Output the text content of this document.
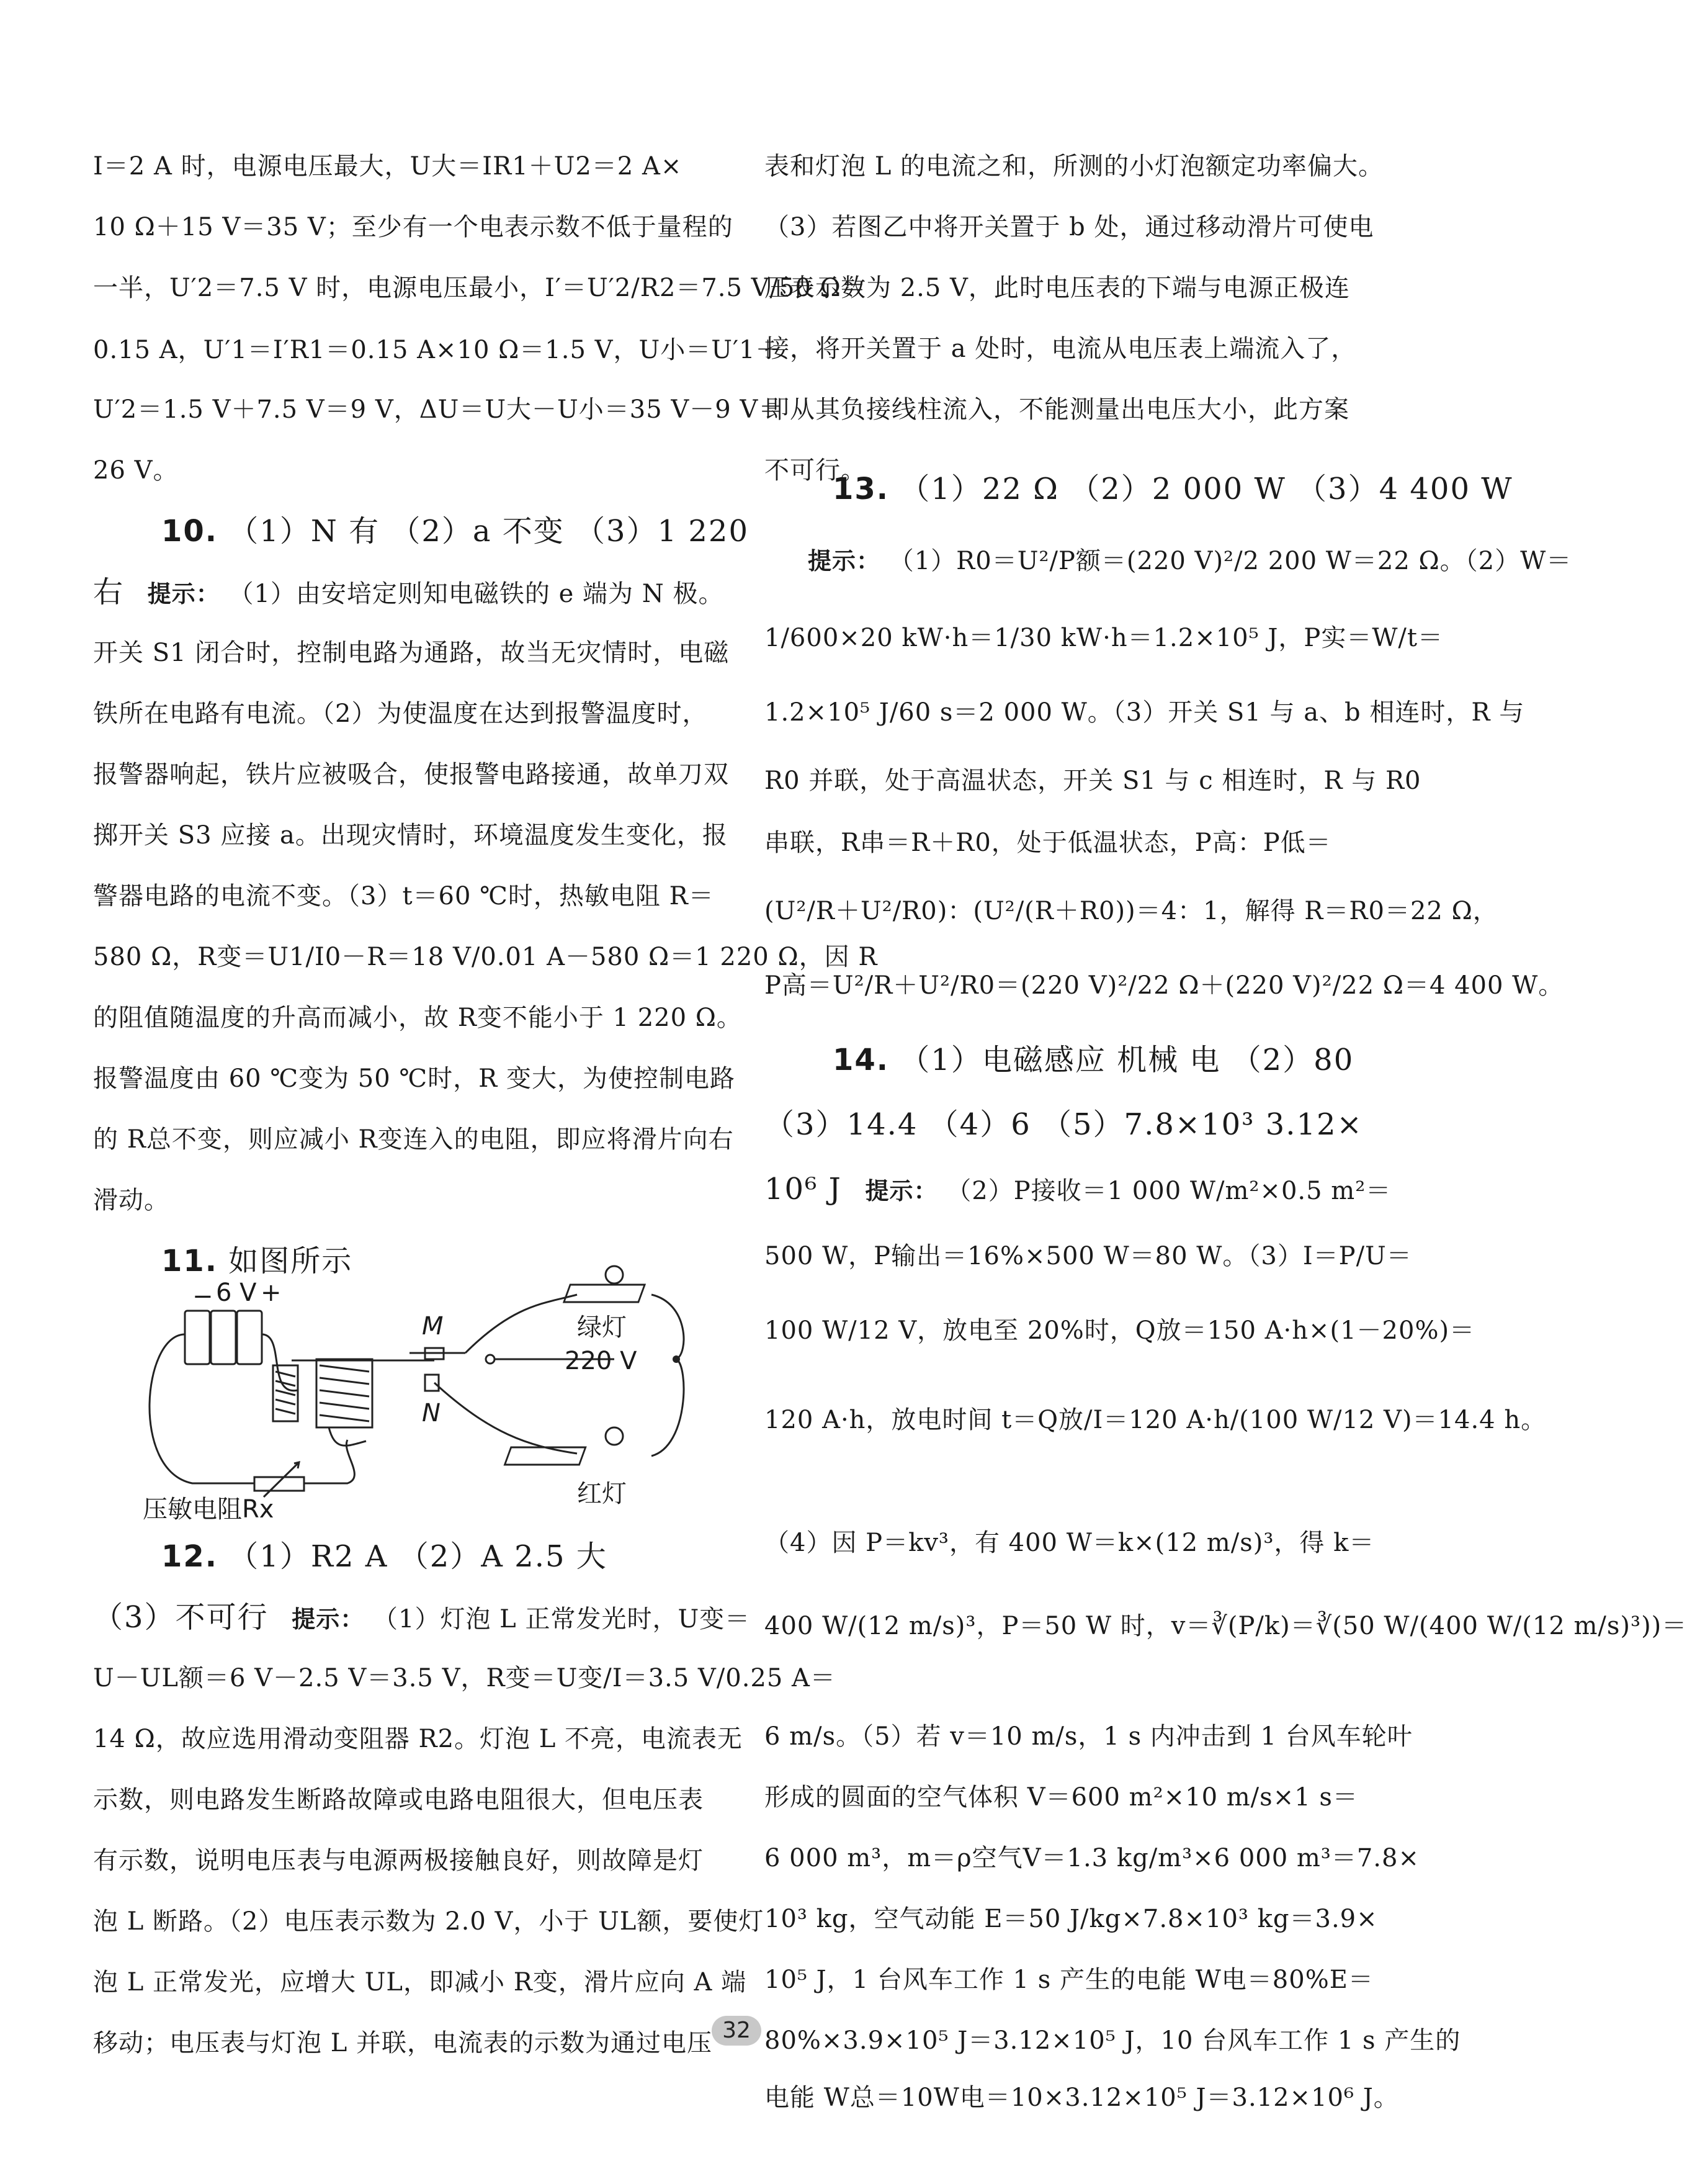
I＝2 A 时，电源电压最大，U大＝IR1＋U2＝2 A×
10 Ω＋15 V＝35 V；至少有一个电表示数不低于量程的
一半，U′2＝7.5 V 时，电源电压最小，I′＝U′2/R2＝7.5 V/50 Ω＝
0.15 A，U′1＝I′R1＝0.15 A×10 Ω＝1.5 V，U小＝U′1＋
U′2＝1.5 V＋7.5 V＝9 V，ΔU＝U大－U小＝35 V－9 V＝
26 V。
10. （1）N 有 （2）a 不变 （3）1 220
右 提示： （1）由安培定则知电磁铁的 e 端为 N 极。
开关 S1 闭合时，控制电路为通路，故当无灾情时，电磁
铁所在电路有电流。（2）为使温度在达到报警温度时，
报警器响起，铁片应被吸合，使报警电路接通，故单刀双
掷开关 S3 应接 a。出现灾情时，环境温度发生变化，报
警器电路的电流不变。（3）t＝60 ℃时，热敏电阻 R＝
580 Ω，R变＝U1/I0－R＝18 V/0.01 A－580 Ω＝1 220 Ω，因 R
的阻值随温度的升高而减小，故 R变不能小于 1 220 Ω。
报警温度由 60 ℃变为 50 ℃时，R 变大，为使控制电路
的 R总不变，则应减小 R变连入的电阻，即应将滑片向右
滑动。
11. 如图所示
− 6 V +
M
N
绿灯
220 V
红灯
压敏电阻Rx
12. （1）R2 A （2）A 2.5 大
（3）不可行 提示： （1）灯泡 L 正常发光时，U变＝
U－UL额＝6 V－2.5 V＝3.5 V，R变＝U变/I＝3.5 V/0.25 A＝
14 Ω，故应选用滑动变阻器 R2。灯泡 L 不亮，电流表无
示数，则电路发生断路故障或电路电阻很大，但电压表
有示数，说明电压表与电源两极接触良好，则故障是灯
泡 L 断路。（2）电压表示数为 2.0 V，小于 UL额，要使灯
泡 L 正常发光，应增大 UL，即减小 R变，滑片应向 A 端
移动；电压表与灯泡 L 并联，电流表的示数为通过电压
表和灯泡 L 的电流之和，所测的小灯泡额定功率偏大。
（3）若图乙中将开关置于 b 处，通过移动滑片可使电
压表示数为 2.5 V，此时电压表的下端与电源正极连
接，将开关置于 a 处时，电流从电压表上端流入了，
即从其负接线柱流入，不能测量出电压大小，此方案
不可行。
13. （1）22 Ω （2）2 000 W （3）4 400 W
提示： （1）R0＝U²/P额＝(220 V)²/2 200 W＝22 Ω。（2）W＝
1/600×20 kW·h＝1/30 kW·h＝1.2×10⁵ J，P实＝W/t＝
1.2×10⁵ J/60 s＝2 000 W。（3）开关 S1 与 a、b 相连时，R 与
R0 并联，处于高温状态，开关 S1 与 c 相连时，R 与 R0
串联，R串＝R＋R0，处于低温状态，P高：P低＝
(U²/R＋U²/R0)：(U²/(R＋R0))＝4：1，解得 R＝R0＝22 Ω，
P高＝U²/R＋U²/R0＝(220 V)²/22 Ω＋(220 V)²/22 Ω＝4 400 W。
14. （1）电磁感应 机械 电 （2）80
（3）14.4 （4）6 （5）7.8×10³ 3.12×
10⁶ J 提示： （2）P接收＝1 000 W/m²×0.5 m²＝
500 W，P输出＝16%×500 W＝80 W。（3）I＝P/U＝
100 W/12 V，放电至 20%时，Q放＝150 A·h×(1－20%)＝
120 A·h，放电时间 t＝Q放/I＝120 A·h/(100 W/12 V)＝14.4 h。
（4）因 P＝kv³，有 400 W＝k×(12 m/s)³，得 k＝
400 W/(12 m/s)³，P＝50 W 时，v＝∛(P/k)＝∛(50 W/(400 W/(12 m/s)³))＝
6 m/s。（5）若 v＝10 m/s，1 s 内冲击到 1 台风车轮叶
形成的圆面的空气体积 V＝600 m²×10 m/s×1 s＝
6 000 m³，m＝ρ空气V＝1.3 kg/m³×6 000 m³＝7.8×
10³ kg，空气动能 E＝50 J/kg×7.8×10³ kg＝3.9×
10⁵ J，1 台风车工作 1 s 产生的电能 W电＝80%E＝
80%×3.9×10⁵ J＝3.12×10⁵ J，10 台风车工作 1 s 产生的
电能 W总＝10W电＝10×3.12×10⁵ J＝3.12×10⁶ J。
32
